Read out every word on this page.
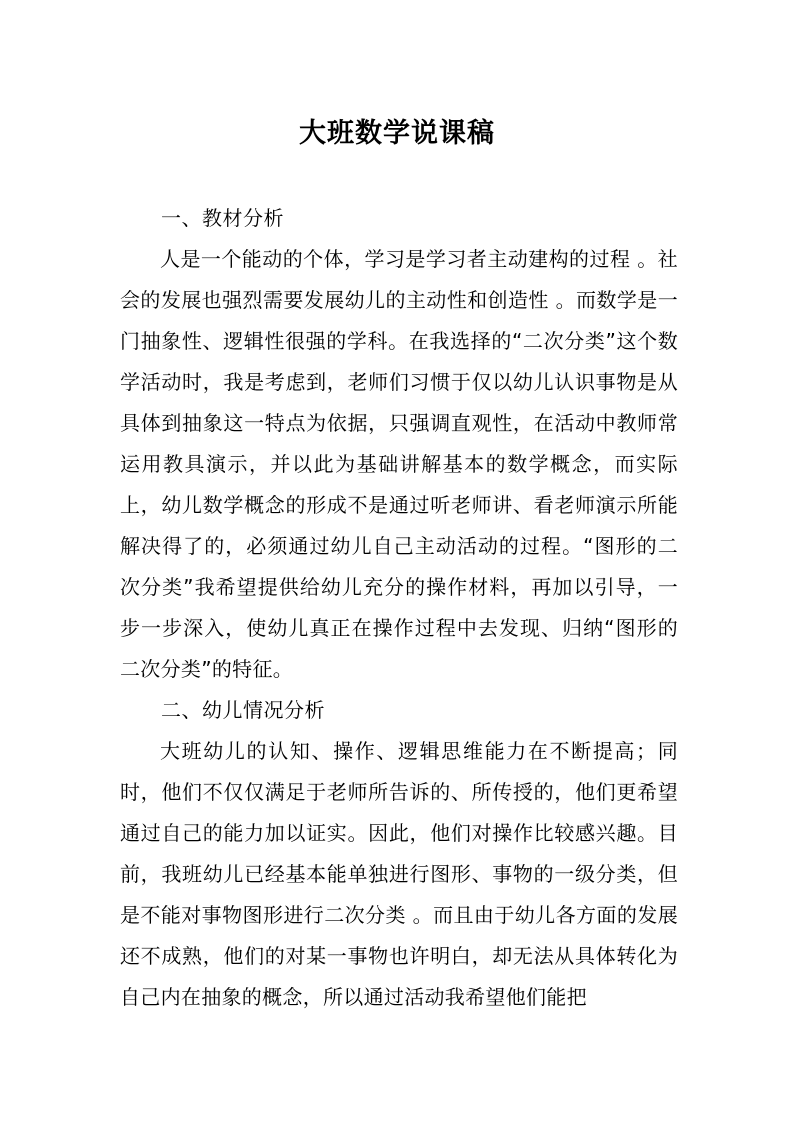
大班数学说课稿
一、教材分析

人是一个能动的个体，学习是学习者主动建构的过程 。社会的发展也强烈需要发展幼儿的主动性和创造性 。而数学是一门抽象性、逻辑性很强的学科。在我选择的“二次分类”这个数学活动时，我是考虑到，老师们习惯于仅以幼儿认识事物是从具体到抽象这一特点为依据，只强调直观性，在活动中教师常运用教具演示，并以此为基础讲解基本的数学概念，而实际上，幼儿数学概念的形成不是通过听老师讲、看老师演示所能解决得了的，必须通过幼儿自己主动活动的过程。“图形的二次分类”我希望提供给幼儿充分的操作材料，再加以引导，一步一步深入，使幼儿真正在操作过程中去发现、归纳“图形的二次分类”的特征。

二、幼儿情况分析

大班幼儿的认知、操作、逻辑思维能力在不断提高；同时，他们不仅仅满足于老师所告诉的、所传授的，他们更希望通过自己的能力加以证实。因此，他们对操作比较感兴趣。目前，我班幼儿已经基本能单独进行图形、事物的一级分类，但是不能对事物图形进行二次分类 。而且由于幼儿各方面的发展还不成熟，他们的对某一事物也许明白，却无法从具体转化为自己内在抽象的概念，所以通过活动我希望他们能把
